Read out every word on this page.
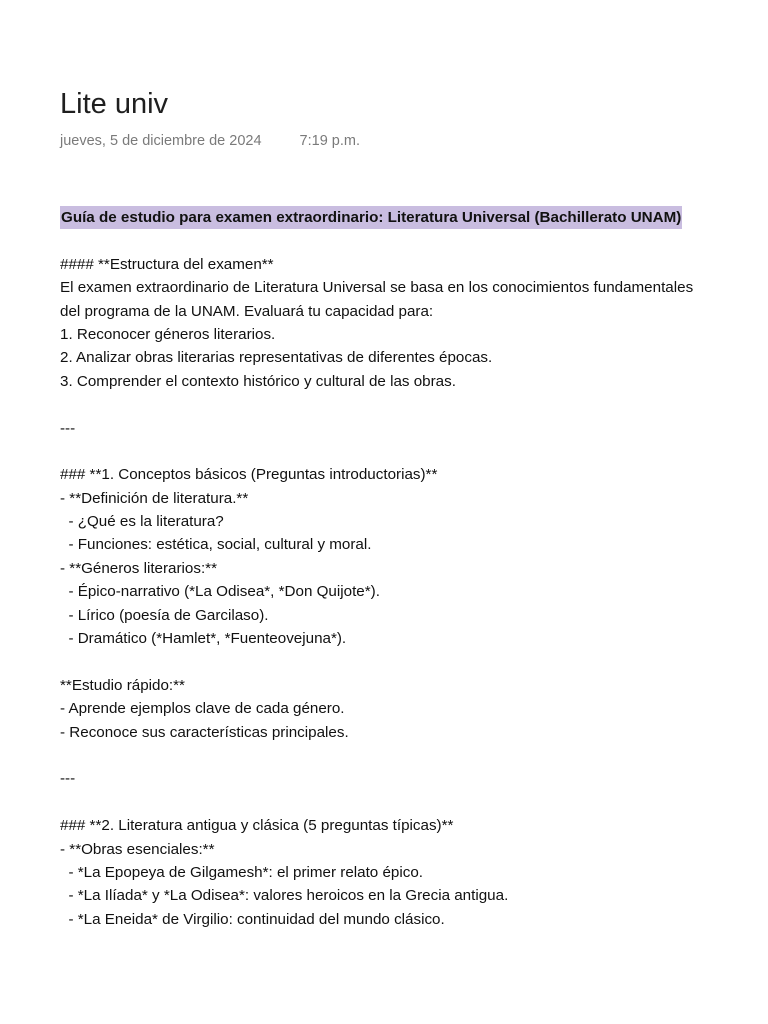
Lite univ
jueves, 5 de diciembre de 2024	7:19 p.m.
Guía de estudio para examen extraordinario: Literatura Universal (Bachillerato UNAM)
#### **Estructura del examen**
El examen extraordinario de Literatura Universal se basa en los conocimientos fundamentales
del programa de la UNAM. Evaluará tu capacidad para:
1. Reconocer géneros literarios.
2. Analizar obras literarias representativas de diferentes épocas.
3. Comprender el contexto histórico y cultural de las obras.
---
### **1. Conceptos básicos (Preguntas introductorias)**
- **Definición de literatura.**
- ¿Qué es la literatura?
- Funciones: estética, social, cultural y moral.
- **Géneros literarios:**
- Épico-narrativo (*La Odisea*, *Don Quijote*).
- Lírico (poesía de Garcilaso).
- Dramático (*Hamlet*, *Fuenteovejuna*).
**Estudio rápido:**
- Aprende ejemplos clave de cada género.
- Reconoce sus características principales.
---
### **2. Literatura antigua y clásica (5 preguntas típicas)**
- **Obras esenciales:**
- *La Epopeya de Gilgamesh*: el primer relato épico.
- *La Ilíada* y *La Odisea*: valores heroicos en la Grecia antigua.
- *La Eneida* de Virgilio: continuidad del mundo clásico.
